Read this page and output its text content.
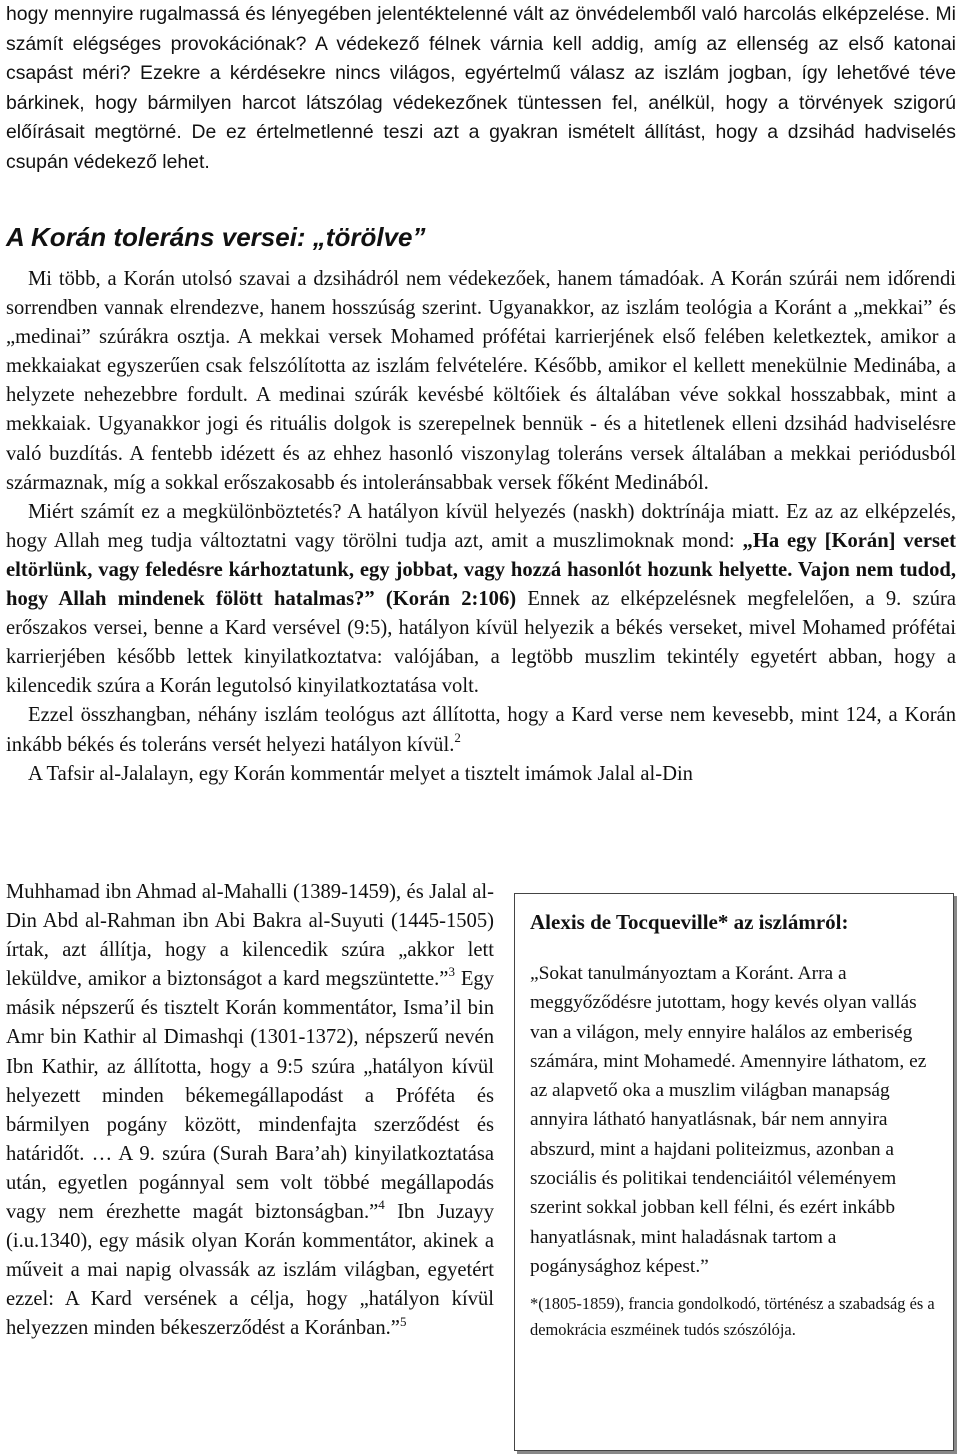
hogy mennyire rugalmassá és lényegében jelentéktelenné vált az önvédelemből való harcolás elképzelése. Mi számít elégséges provokációnak? A védekező félnek várnia kell addig, amíg az ellenség az első katonai csapást méri? Ezekre a kérdésekre nincs világos, egyértelmű válasz az iszlám jogban, így lehetővé téve bárkinek, hogy bármilyen harcot látszólag védekezőnek tüntessen fel, anélkül, hogy a törvények szigorú előírásait megtörné. De ez értelmetlenné teszi azt a gyakran ismételt állítást, hogy a dzsihád hadviselés csupán védekező lehet.

A Korán toleráns versei: „törölve”

Mi több, a Korán utolsó szavai a dzsihádról nem védekezőek, hanem támadóak. A Korán szúrái nem időrendi sorrendben vannak elrendezve, hanem hosszúság szerint. Ugyanakkor, az iszlám teológia a Koránt a „mekkai” és „medinai” szúrákra osztja. A mekkai versek Mohamed prófétai karrierjének első felében keletkeztek, amikor a mekkaiakat egyszerűen csak felszólította az iszlám felvételére. Később, amikor el kellett menekülnie Medinába, a helyzete nehezebbre fordult. A medinai szúrák kevésbé költőiek és általában véve sokkal hosszabbak, mint a mekkaiak. Ugyanakkor jogi és rituális dolgok is szerepelnek bennük - és a hitetlenek elleni dzsihád hadviselésre való buzdítás. A fentebb idézett és az ehhez hasonló viszonylag toleráns versek általában a mekkai periódusból származnak, míg a sokkal erőszakosabb és intoleránsabbak versek főként Medinából.

Miért számít ez a megkülönböztetés? A hatályon kívül helyezés (naskh) doktrínája miatt. Ez az az elképzelés, hogy Allah meg tudja változtatni vagy törölni tudja azt, amit a muszlimoknak mond: „Ha egy [Korán] verset eltörlünk, vagy feledésre kárhoztatunk, egy jobbat, vagy hozzá hasonlót hozunk helyette. Vajon nem tudod, hogy Allah mindenek fölött hatalmas?” (Korán 2:106) Ennek az elképzelésnek megfelelően, a 9. szúra erőszakos versei, benne a Kard versével (9:5), hatályon kívül helyezik a békés verseket, mivel Mohamed prófétai karrierjében később lettek kinyilatkoztatva: valójában, a legtöbb muszlim tekintély egyetért abban, hogy a kilencedik szúra a Korán legutolsó kinyilatkoztatása volt.

Ezzel összhangban, néhány iszlám teológus azt állította, hogy a Kard verse nem kevesebb, mint 124, a Korán inkább békés és toleráns versét helyezi hatályon kívül.$^2$

A Tafsir al-Jalalayn, egy Korán kommentár melyet a tisztelt imámok Jalal al-Din

Muhhamad ibn Ahmad al-Mahalli (1389-1459), és Jalal al-Din Abd al-Rahman ibn Abi Bakra al-Suyuti (1445-1505) írtak, azt állítja, hogy a kilencedik szúra „akkor lett leküldve, amikor a biztonságot a kard megszüntette.”$^3$ Egy másik népszerű és tisztelt Korán kommentátor, Isma’il bin Amr bin Kathir al Dimashqi (1301-1372), népszerű nevén Ibn Kathir, az állította, hogy a 9:5 szúra „hatályon kívül helyezett minden békemegállapodást a Próféta és bármilyen pogány között, mindenfajta szerződést és határidőt. … A 9. szúra (Surah Bara’ah) kinyilatkoztatása után, egyetlen pogánnyal sem volt többé megállapodás vagy nem érezhette magát biztonságban.”$^4$ Ibn Juzayy (i.u.1340), egy másik olyan Korán kommentátor, akinek a műveit a mai napig olvassák az iszlám világban, egyetért ezzel: A Kard versének a célja, hogy „hatályon kívül helyezzen minden békeszerződést a Koránban.”$^5$

Alexis de Tocqueville* az iszlámról:

„Sokat tanulmányoztam a Koránt. Arra a meggyőződésre jutottam, hogy kevés olyan vallás van a világon, mely ennyire halálos az emberiség számára, mint Mohamedé. Amennyire láthatom, ez az alapvető oka a muszlim világban manapság annyira látható hanyatlásnak, bár nem annyira abszurd, mint a hajdani politeizmus, azonban a szociális és politikai tendenciáitól véleményem szerint sokkal jobban kell félni, és ezért inkább hanyatlásnak, mint haladásnak tartom a pogánysághoz képest.”

*(1805-1859), francia gondolkodó, történész a szabadság és a demokrácia eszméinek tudós szószólója.
